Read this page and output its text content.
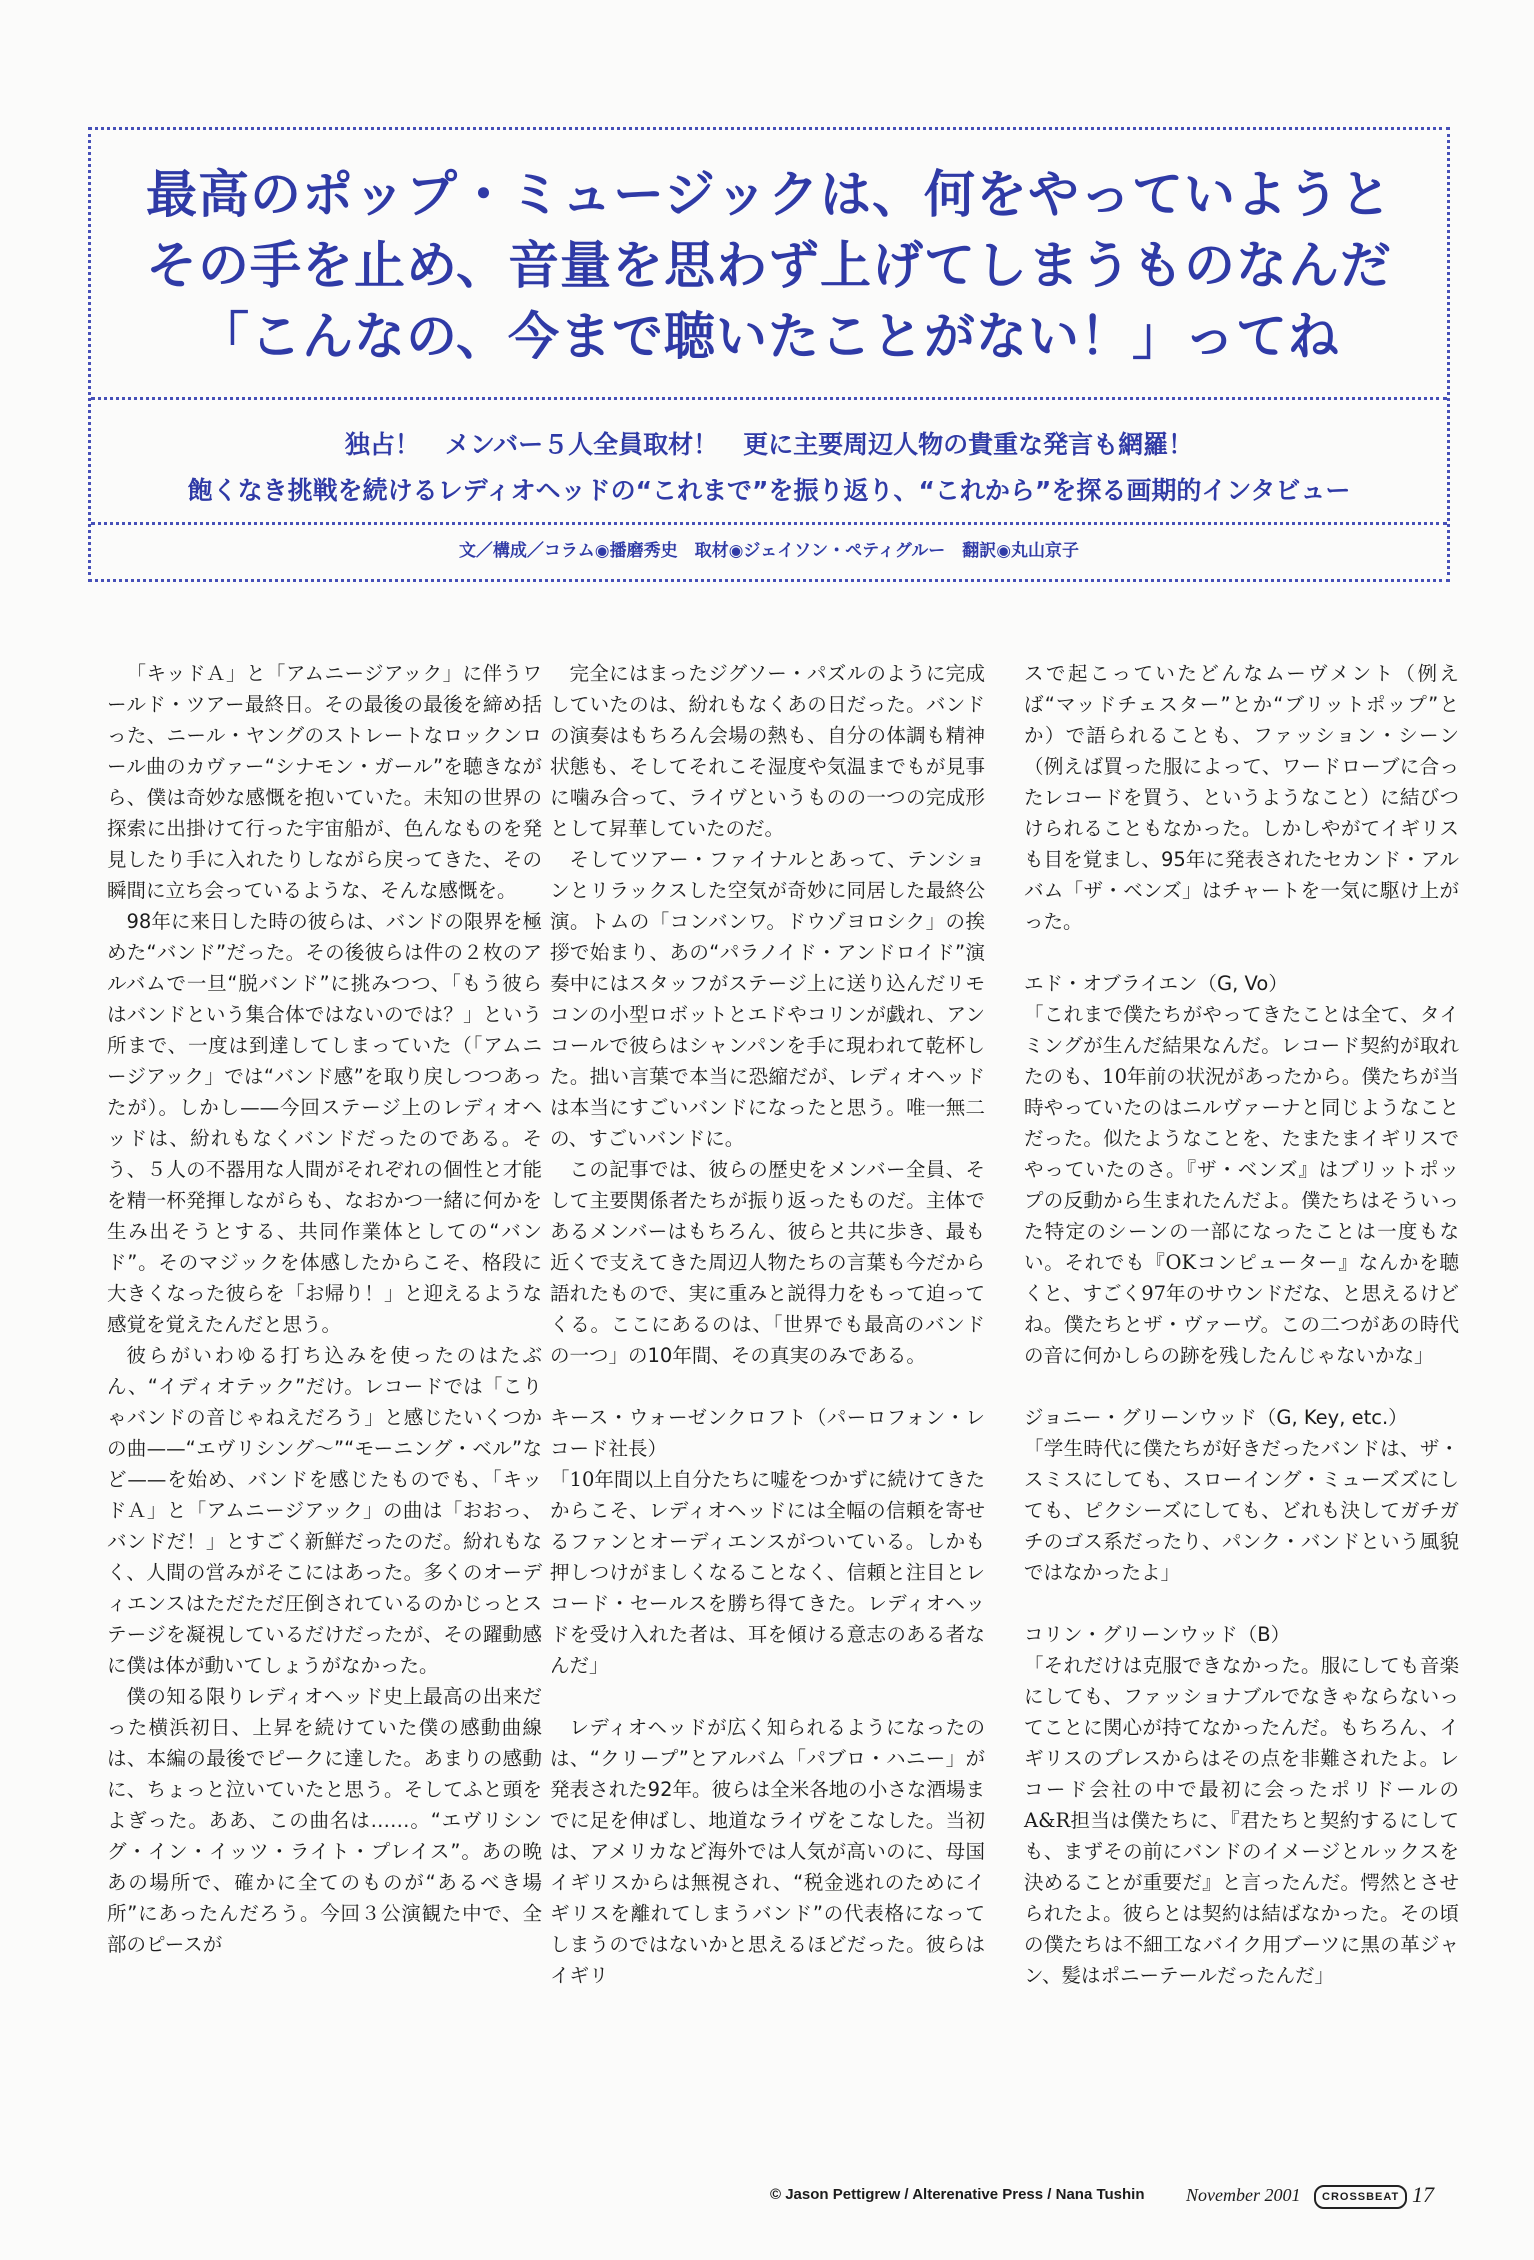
最高のポップ・ミュージックは、何をやっていようと
その手を止め、音量を思わず上げてしまうものなんだ
「こんなの、今まで聴いたことがない！」ってね
独占！　メンバー５人全員取材！　更に主要周辺人物の貴重な発言も網羅！
飽くなき挑戦を続けるレディオヘッドの“これまで”を振り返り、“これから”を探る画期的インタビュー
文／構成／コラム◉播磨秀史　取材◉ジェイソン・ペティグルー　翻訳◉丸山京子

「キッドＡ」と「アムニージアック」に伴うワールド・ツアー最終日。その最後の最後を締め括った、ニール・ヤングのストレートなロックンロール曲のカヴァー“シナモン・ガール”を聴きながら、僕は奇妙な感慨を抱いていた。未知の世界の探索に出掛けて行った宇宙船が、色んなものを発見したり手に入れたりしながら戻ってきた、その瞬間に立ち会っているような、そんな感慨を。

98年に来日した時の彼らは、バンドの限界を極めた“バンド”だった。その後彼らは件の２枚のアルバムで一旦“脱バンド”に挑みつつ、「もう彼らはバンドという集合体ではないのでは？」という所まで、一度は到達してしまっていた（「アムニージアック」では“バンド感”を取り戻しつつあったが）。しかし——今回ステージ上のレディオヘッドは、紛れもなくバンドだったのである。そう、５人の不器用な人間がそれぞれの個性と才能を精一杯発揮しながらも、なおかつ一緒に何かを生み出そうとする、共同作業体としての“バンド”。そのマジックを体感したからこそ、格段に大きくなった彼らを「お帰り！」と迎えるような感覚を覚えたんだと思う。

彼らがいわゆる打ち込みを使ったのはたぶん、“イディオテック”だけ。レコードでは「こりゃバンドの音じゃねえだろう」と感じたいくつかの曲——“エヴリシング〜”“モーニング・ベル”など——を始め、バンドを感じたものでも、「キッドＡ」と「アムニージアック」の曲は「おおっ、バンドだ！」とすごく新鮮だったのだ。紛れもなく、人間の営みがそこにはあった。多くのオーディエンスはただただ圧倒されているのかじっとステージを凝視しているだけだったが、その躍動感に僕は体が動いてしょうがなかった。

僕の知る限りレディオヘッド史上最高の出来だった横浜初日、上昇を続けていた僕の感動曲線は、本編の最後でピークに達した。あまりの感動に、ちょっと泣いていたと思う。そしてふと頭をよぎった。ああ、この曲名は……。“エヴリシング・イン・イッツ・ライト・プレイス”。あの晩あの場所で、確かに全てのものが“あるべき場所”にあったんだろう。今回３公演観た中で、全部のピースが

完全にはまったジグソー・パズルのように完成していたのは、紛れもなくあの日だった。バンドの演奏はもちろん会場の熱も、自分の体調も精神状態も、そしてそれこそ湿度や気温までもが見事に噛み合って、ライヴというものの一つの完成形として昇華していたのだ。

そしてツアー・ファイナルとあって、テンションとリラックスした空気が奇妙に同居した最終公演。トムの「コンバンワ。ドウゾヨロシク」の挨拶で始まり、あの“パラノイド・アンドロイド”演奏中にはスタッフがステージ上に送り込んだリモコンの小型ロボットとエドやコリンが戯れ、アンコールで彼らはシャンパンを手に現われて乾杯した。拙い言葉で本当に恐縮だが、レディオヘッドは本当にすごいバンドになったと思う。唯一無二の、すごいバンドに。

この記事では、彼らの歴史をメンバー全員、そして主要関係者たちが振り返ったものだ。主体であるメンバーはもちろん、彼らと共に歩き、最も近くで支えてきた周辺人物たちの言葉も今だから語れたもので、実に重みと説得力をもって迫ってくる。ここにあるのは、「世界でも最高のバンドの一つ」の10年間、その真実のみである。

キース・ウォーゼンクロフト（パーロフォン・レコード社長）

「10年間以上自分たちに嘘をつかずに続けてきたからこそ、レディオヘッドには全幅の信頼を寄せるファンとオーディエンスがついている。しかも押しつけがましくなることなく、信頼と注目とレコード・セールスを勝ち得てきた。レディオヘッドを受け入れた者は、耳を傾ける意志のある者なんだ」

レディオヘッドが広く知られるようになったのは、“クリープ”とアルバム「パブロ・ハニー」が発表された92年。彼らは全米各地の小さな酒場までに足を伸ばし、地道なライヴをこなした。当初は、アメリカなど海外では人気が高いのに、母国イギリスからは無視され、“税金逃れのためにイギリスを離れてしまうバンド”の代表格になってしまうのではないかと思えるほどだった。彼らはイギリ

スで起こっていたどんなムーヴメント（例えば“マッドチェスター”とか“ブリットポップ”とか）で語られることも、ファッション・シーン（例えば買った服によって、ワードローブに合ったレコードを買う、というようなこと）に結びつけられることもなかった。しかしやがてイギリスも目を覚まし、95年に発表されたセカンド・アルバム「ザ・ベンズ」はチャートを一気に駆け上がった。

エド・オブライエン（G, Vo）

「これまで僕たちがやってきたことは全て、タイミングが生んだ結果なんだ。レコード契約が取れたのも、10年前の状況があったから。僕たちが当時やっていたのはニルヴァーナと同じようなことだった。似たようなことを、たまたまイギリスでやっていたのさ。『ザ・ベンズ』はブリットポップの反動から生まれたんだよ。僕たちはそういった特定のシーンの一部になったことは一度もない。それでも『OKコンピューター』なんかを聴くと、すごく97年のサウンドだな、と思えるけどね。僕たちとザ・ヴァーヴ。この二つがあの時代の音に何かしらの跡を残したんじゃないかな」

ジョニー・グリーンウッド（G, Key, etc.）

「学生時代に僕たちが好きだったバンドは、ザ・スミスにしても、スローイング・ミューズズにしても、ピクシーズにしても、どれも決してガチガチのゴス系だったり、パンク・バンドという風貌ではなかったよ」

コリン・グリーンウッド（B）

「それだけは克服できなかった。服にしても音楽にしても、ファッショナブルでなきゃならないってことに関心が持てなかったんだ。もちろん、イギリスのプレスからはその点を非難されたよ。レコード会社の中で最初に会ったポリドールのA&R担当は僕たちに、『君たちと契約するにしても、まずその前にバンドのイメージとルックスを決めることが重要だ』と言ったんだ。愕然とさせられたよ。彼らとは契約は結ばなかった。その頃の僕たちは不細工なバイク用ブーツに黒の革ジャン、髪はポニーテールだったんだ」

© Jason Pettigrew / Alterenative Press / Nana Tushin November 2001	CROSSBEAT 17
